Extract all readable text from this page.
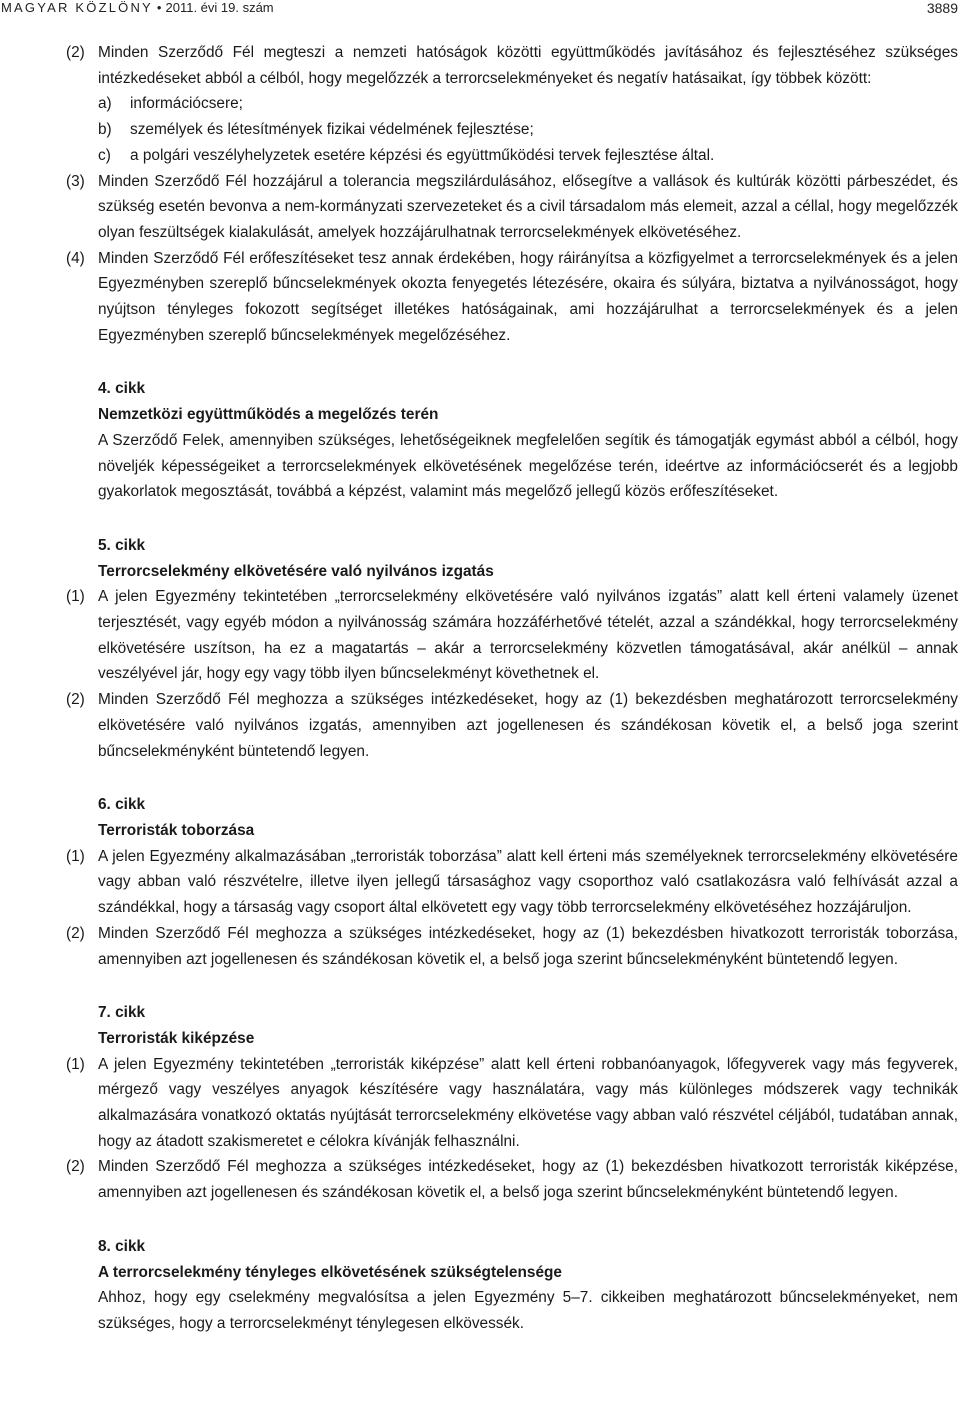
MAGYAR KÖZLÖNY • 2011. évi 19. szám	3889

(2) Minden Szerződő Fél megteszi a nemzeti hatóságok közötti együttműködés javításához és fejlesztéséhez szükséges intézkedéseket abból a célból, hogy megelőzzék a terrorcselekményeket és negatív hatásaikat, így többek között:

a) információcsere;

b) személyek és létesítmények fizikai védelmének fejlesztése;

c) a polgári veszélyhelyzetek esetére képzési és együttműködési tervek fejlesztése által.

(3) Minden Szerződő Fél hozzájárul a tolerancia megszilárdulásához, elősegítve a vallások és kultúrák közötti párbeszédet, és szükség esetén bevonva a nem-kormányzati szervezeteket és a civil társadalom más elemeit, azzal a céllal, hogy megelőzzék olyan feszültségek kialakulását, amelyek hozzájárulhatnak terrorcselekmények elkövetéséhez.

(4) Minden Szerződő Fél erőfeszítéseket tesz annak érdekében, hogy ráirányítsa a közfigyelmet a terrorcselekmények és a jelen Egyezményben szereplő bűncselekmények okozta fenyegetés létezésére, okaira és súlyára, biztatva a nyilvánosságot, hogy nyújtson tényleges fokozott segítséget illetékes hatóságainak, ami hozzájárulhat a terrorcselekmények és a jelen Egyezményben szereplő bűncselekmények megelőzéséhez.

4. cikk

Nemzetközi együttműködés a megelőzés terén

A Szerződő Felek, amennyiben szükséges, lehetőségeiknek megfelelően segítik és támogatják egymást abból a célból, hogy növeljék képességeiket a terrorcselekmények elkövetésének megelőzése terén, ideértve az információcserét és a legjobb gyakorlatok megosztását, továbbá a képzést, valamint más megelőző jellegű közös erőfeszítéseket.

5. cikk

Terrorcselekmény elkövetésére való nyilvános izgatás

(1) A jelen Egyezmény tekintetében „terrorcselekmény elkövetésére való nyilvános izgatás” alatt kell érteni valamely üzenet terjesztését, vagy egyéb módon a nyilvánosság számára hozzáférhetővé tételét, azzal a szándékkal, hogy terrorcselekmény elkövetésére uszítson, ha ez a magatartás – akár a terrorcselekmény közvetlen támogatásával, akár anélkül – annak veszélyével jár, hogy egy vagy több ilyen bűncselekményt követhetnek el.

(2) Minden Szerződő Fél meghozza a szükséges intézkedéseket, hogy az (1) bekezdésben meghatározott terrorcselekmény elkövetésére való nyilvános izgatás, amennyiben azt jogellenesen és szándékosan követik el, a belső joga szerint bűncselekményként büntetendő legyen.

6. cikk

Terroristák toborzása

(1) A jelen Egyezmény alkalmazásában „terroristák toborzása” alatt kell érteni más személyeknek terrorcselekmény elkövetésére vagy abban való részvételre, illetve ilyen jellegű társasághoz vagy csoporthoz való csatlakozásra való felhívását azzal a szándékkal, hogy a társaság vagy csoport által elkövetett egy vagy több terrorcselekmény elkövetéséhez hozzájáruljon.

(2) Minden Szerződő Fél meghozza a szükséges intézkedéseket, hogy az (1) bekezdésben hivatkozott terroristák toborzása, amennyiben azt jogellenesen és szándékosan követik el, a belső joga szerint bűncselekményként büntetendő legyen.

7. cikk

Terroristák kiképzése

(1) A jelen Egyezmény tekintetében „terroristák kiképzése” alatt kell érteni robbanóanyagok, lőfegyverek vagy más fegyverek, mérgező vagy veszélyes anyagok készítésére vagy használatára, vagy más különleges módszerek vagy technikák alkalmazására vonatkozó oktatás nyújtását terrorcselekmény elkövetése vagy abban való részvétel céljából, tudatában annak, hogy az átadott szakismeretet e célokra kívánják felhasználni.

(2) Minden Szerződő Fél meghozza a szükséges intézkedéseket, hogy az (1) bekezdésben hivatkozott terroristák kiképzése, amennyiben azt jogellenesen és szándékosan követik el, a belső joga szerint bűncselekményként büntetendő legyen.

8. cikk

A terrorcselekmény tényleges elkövetésének szükségtelensége

Ahhoz, hogy egy cselekmény megvalósítsa a jelen Egyezmény 5–7. cikkeiben meghatározott bűncselekményeket, nem szükséges, hogy a terrorcselekményt ténylegesen elkövessék.
